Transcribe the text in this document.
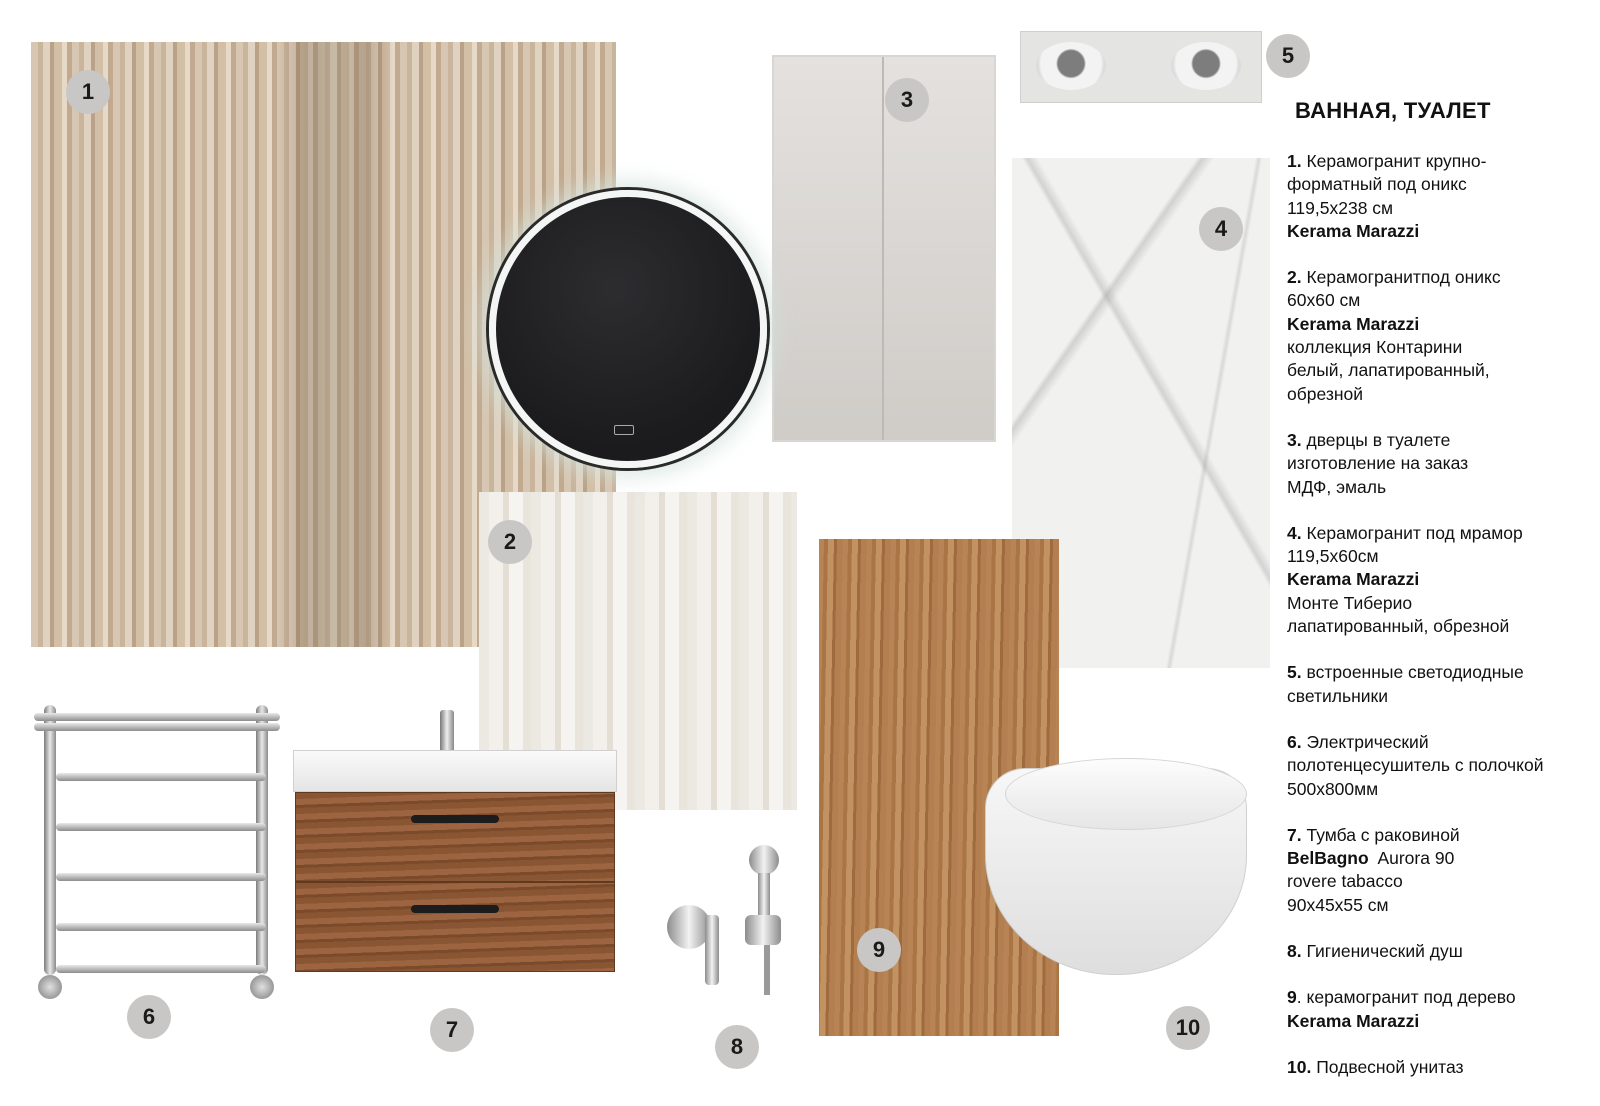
1
2
3
4
5
6
7
8
9
10
ВАННАЯ, ТУАЛЕТ
1. Керамогранит крупно-
форматный под оникс
119,5х238 см
Kerama Marazzi
2. Керамогранитпод оникс
60х60 см
Kerama Marazzi
коллекция Контарини
белый, лапатированный,
обрезной
3. дверцы в туалете
изготовление на заказ
МДФ, эмаль
4. Керамогранит под мрамор
119,5х60см
Kerama Marazzi
Монте Тиберио
лапатированный, обрезной
5. встроенные светодиодные
светильники
6. Электрический
полотенцесушитель с полочкой
500х800мм
7. Тумба с раковиной
BelBagno  Aurora 90
rovere tabacco
90х45х55 см
8. Гигиенический душ
9. керамогранит под дерево
Kerama Marazzi
10. Подвесной унитаз
